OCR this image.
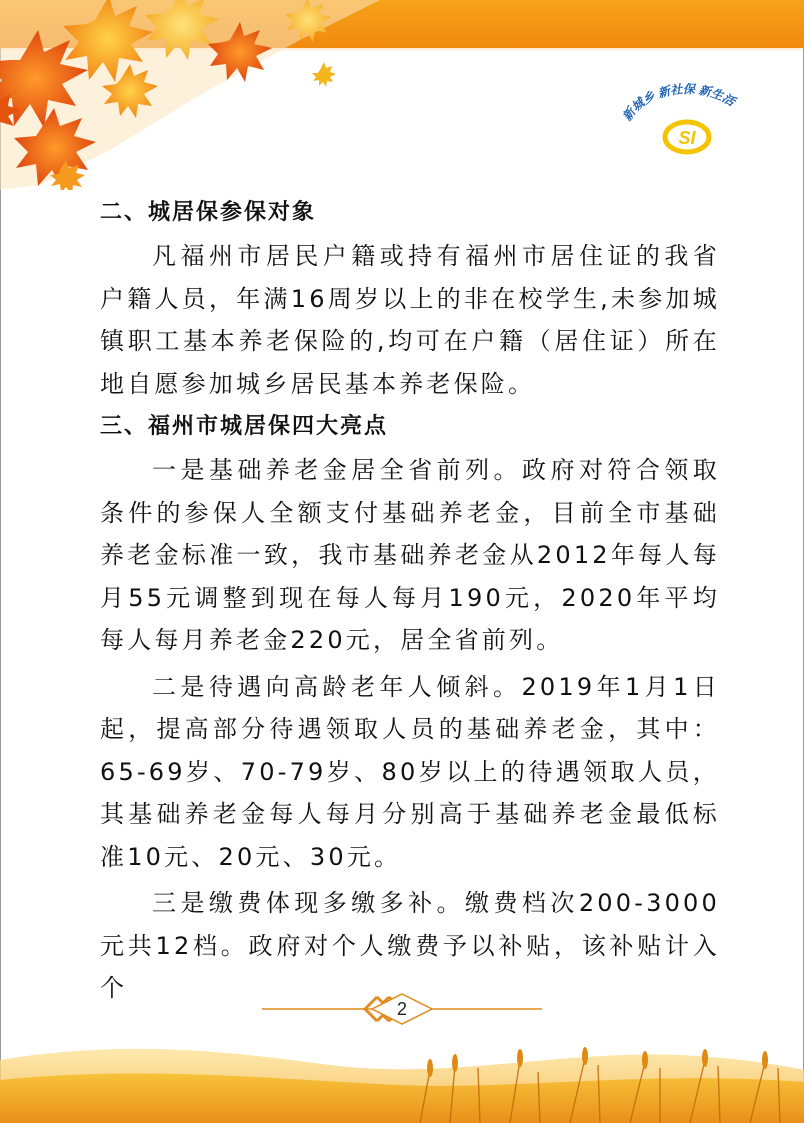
新城乡 新社保 新生活
SI
二、城居保参保对象

凡福州市居民户籍或持有福州市居住证的我省户籍人员，年满16周岁以上的非在校学生,未参加城镇职工基本养老保险的,均可在户籍（居住证）所在地自愿参加城乡居民基本养老保险。

三、福州市城居保四大亮点

一是基础养老金居全省前列。政府对符合领取条件的参保人全额支付基础养老金，目前全市基础养老金标准一致，我市基础养老金从2012年每人每月55元调整到现在每人每月190元，2020年平均每人每月养老金220元，居全省前列。

二是待遇向高龄老年人倾斜。2019年1月1日起，提高部分待遇领取人员的基础养老金，其中：65-69岁、70-79岁、80岁以上的待遇领取人员，其基础养老金每人每月分别高于基础养老金最低标准10元、20元、30元。

三是缴费体现多缴多补。缴费档次200-3000元共12档。政府对个人缴费予以补贴，该补贴计入个

2
